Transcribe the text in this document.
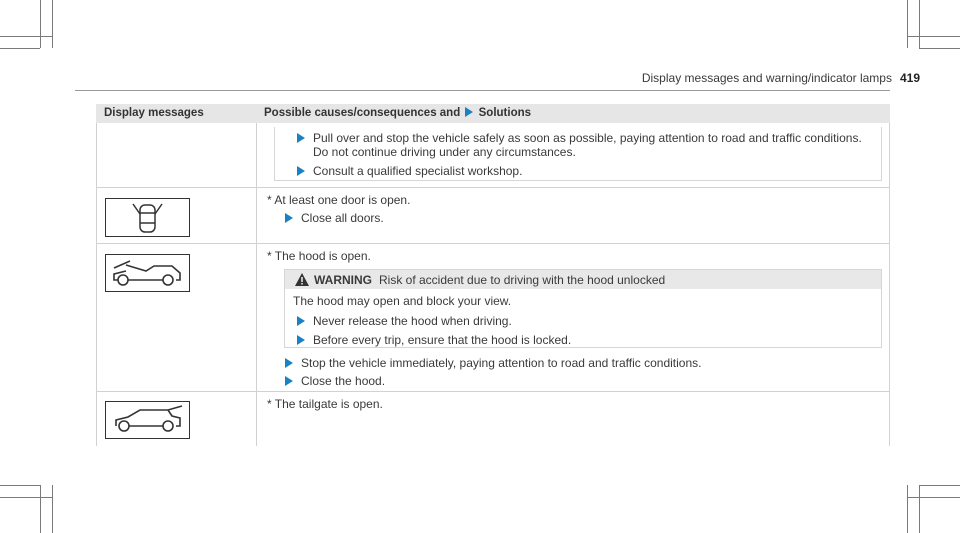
Display messages and warning/indicator lamps 419
Display messages	Possible causes/consequences and Solutions
Pull over and stop the vehicle safely as soon as possible, paying attention to road and traffic conditions.
Do not continue driving under any circumstances.
Consult a qualified specialist workshop.
* At least one door is open.
Close all doors.
* The hood is open.
WARNING Risk of accident due to driving with the hood unlocked
The hood may open and block your view.
Never release the hood when driving.
Before every trip, ensure that the hood is locked.
Stop the vehicle immediately, paying attention to road and traffic conditions.
Close the hood.
* The tailgate is open.
